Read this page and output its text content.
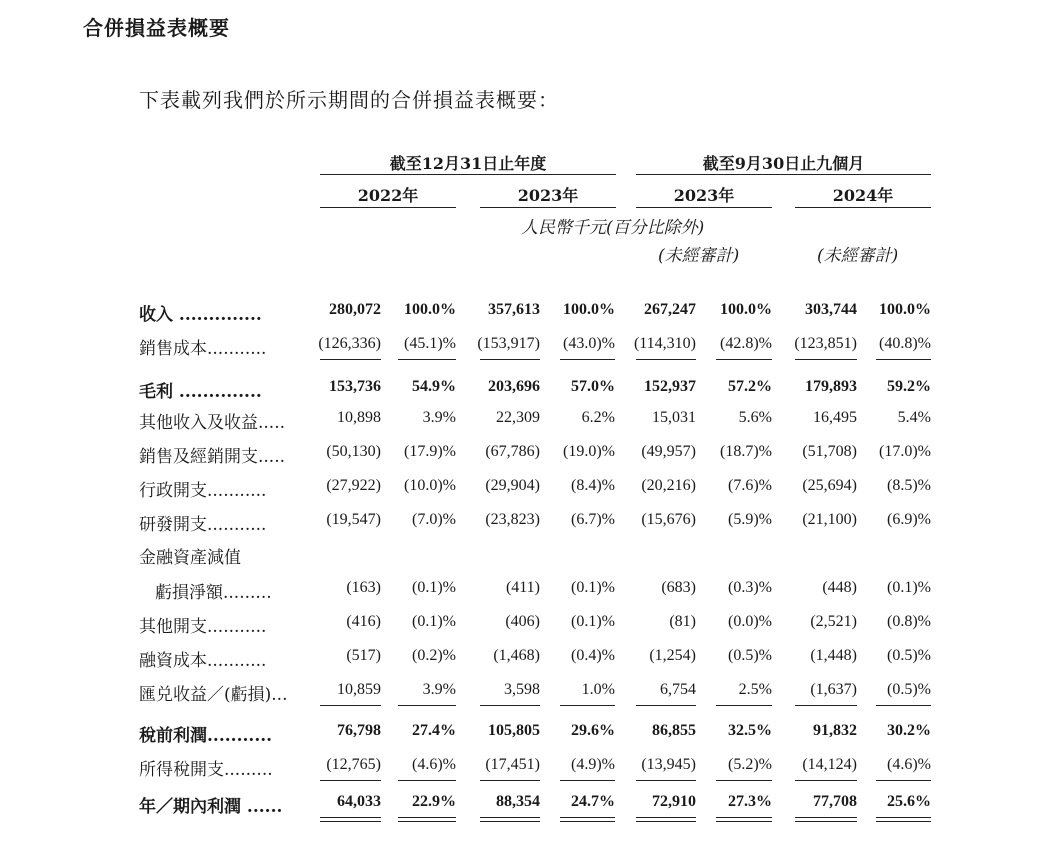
合併損益表概要
下表載列我們於所示期間的合併損益表概要：
截至12月31日止年度	截至9月30日止九個月
2022年	2023年	2023年	2024年
人民幣千元(百分比除外)
(未經審計)	(未經審計)
收入 ..............	280,072	100.0%	357,613	100.0%	267,247	100.0%	303,744	100.0%
銷售成本...........	(126,336)	(45.1)%	(153,917)	(43.0)%	(114,310)	(42.8)%	(123,851)	(40.8)%
毛利 ..............	153,736	54.9%	203,696	57.0%	152,937	57.2%	179,893	59.2%
其他收入及收益.....	10,898	3.9%	22,309	6.2%	15,031	5.6%	16,495	5.4%
銷售及經銷開支.....	(50,130)	(17.9)%	(67,786)	(19.0)%	(49,957)	(18.7)%	(51,708)	(17.0)%
行政開支...........	(27,922)	(10.0)%	(29,904)	(8.4)%	(20,216)	(7.6)%	(25,694)	(8.5)%
研發開支...........	(19,547)	(7.0)%	(23,823)	(6.7)%	(15,676)	(5.9)%	(21,100)	(6.9)%
金融資產減值
虧損淨額.........	(163)	(0.1)%	(411)	(0.1)%	(683)	(0.3)%	(448)	(0.1)%
其他開支...........	(416)	(0.1)%	(406)	(0.1)%	(81)	(0.0)%	(2,521)	(0.8)%
融資成本...........	(517)	(0.2)%	(1,468)	(0.4)%	(1,254)	(0.5)%	(1,448)	(0.5)%
匯兑收益／(虧損)...	10,859	3.9%	3,598	1.0%	6,754	2.5%	(1,637)	(0.5)%
稅前利潤...........	76,798	27.4%	105,805	29.6%	86,855	32.5%	91,832	30.2%
所得稅開支.........	(12,765)	(4.6)%	(17,451)	(4.9)%	(13,945)	(5.2)%	(14,124)	(4.6)%
年／期內利潤 ......	64,033	22.9%	88,354	24.7%	72,910	27.3%	77,708	25.6%
